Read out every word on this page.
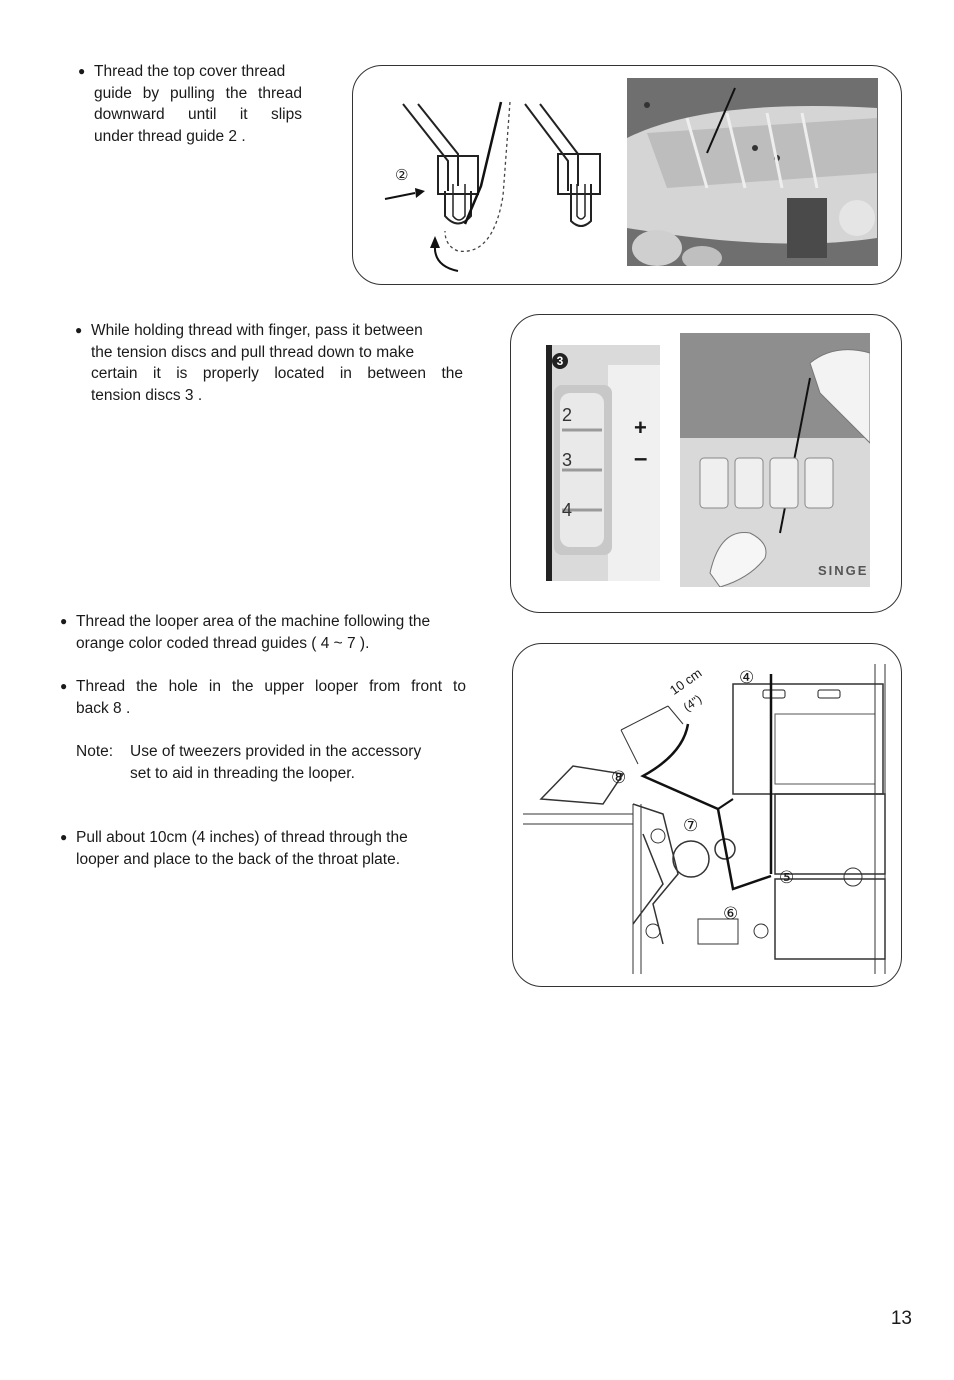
● Thread the top cover thread
guide by pulling the thread
downward until it slips
under thread guide 2 .
②
● While holding thread with finger, pass it between
the tension discs and pull thread down to make
certain it is properly located in between the
tension discs 3 .
3
2
3
4
+
–
SINGE
● Thread the looper area of the machine following the
orange color coded thread guides ( 4 ~ 7 ).
● Thread the hole in the upper looper from front to
back 8 .
Note:	Use of tweezers provided in the accessory
set to aid in threading the looper.
● Pull about 10cm (4 inches) of thread through the
looper and place to the back of the throat plate.
10 cm
(4")
④
⑤
⑥
⑦
⑧
13
